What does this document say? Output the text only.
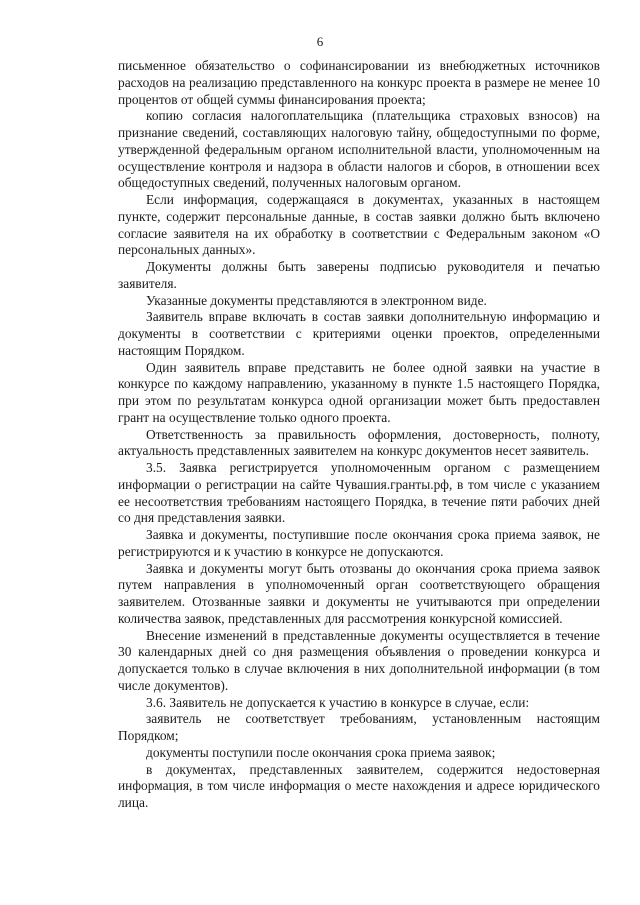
6

письменное обязательство о софинансировании из внебюджетных источников расходов на реализацию представленного на конкурс проекта в размере не менее 10 процентов от общей суммы финансирования проекта;

копию согласия налогоплательщика (плательщика страховых взносов) на признание сведений, составляющих налоговую тайну, общедоступными по форме, утвержденной федеральным органом исполнительной власти, уполномоченным на осуществление контроля и надзора в области налогов и сборов, в отношении всех общедоступных сведений, полученных налоговым органом.

Если информация, содержащаяся в документах, указанных в настоящем пункте, содержит персональные данные, в состав заявки должно быть включено согласие заявителя на их обработку в соответствии с Федеральным законом «О персональных данных».

Документы должны быть заверены подписью руководителя и печатью заявителя.

Указанные документы представляются в электронном виде.

Заявитель вправе включать в состав заявки дополнительную информацию и документы в соответствии с критериями оценки проектов, определенными настоящим Порядком.

Один заявитель вправе представить не более одной заявки на участие в конкурсе по каждому направлению, указанному в пункте 1.5 настоящего Порядка, при этом по результатам конкурса одной организации может быть предоставлен грант на осуществление только одного проекта.

Ответственность за правильность оформления, достоверность, полноту, актуальность представленных заявителем на конкурс документов несет заявитель.

3.5. Заявка регистрируется уполномоченным органом с размещением информации о регистрации на сайте Чувашия.гранты.рф, в том числе с указанием ее несоответствия требованиям настоящего Порядка, в течение пяти рабочих дней со дня представления заявки.

Заявка и документы, поступившие после окончания срока приема заявок, не регистрируются и к участию в конкурсе не допускаются.

Заявка и документы могут быть отозваны до окончания срока приема заявок путем направления в уполномоченный орган соответствующего обращения заявителем. Отозванные заявки и документы не учитываются при определении количества заявок, представленных для рассмотрения конкурсной комиссией.

Внесение изменений в представленные документы осуществляется в течение 30 календарных дней со дня размещения объявления о проведении конкурса и допускается только в случае включения в них дополнительной информации (в том числе документов).

3.6. Заявитель не допускается к участию в конкурсе в случае, если:

заявитель не соответствует требованиям, установленным настоящим Порядком;

документы поступили после окончания срока приема заявок;

в документах, представленных заявителем, содержится недостоверная информация, в том числе информация о месте нахождения и адресе юридического лица.
